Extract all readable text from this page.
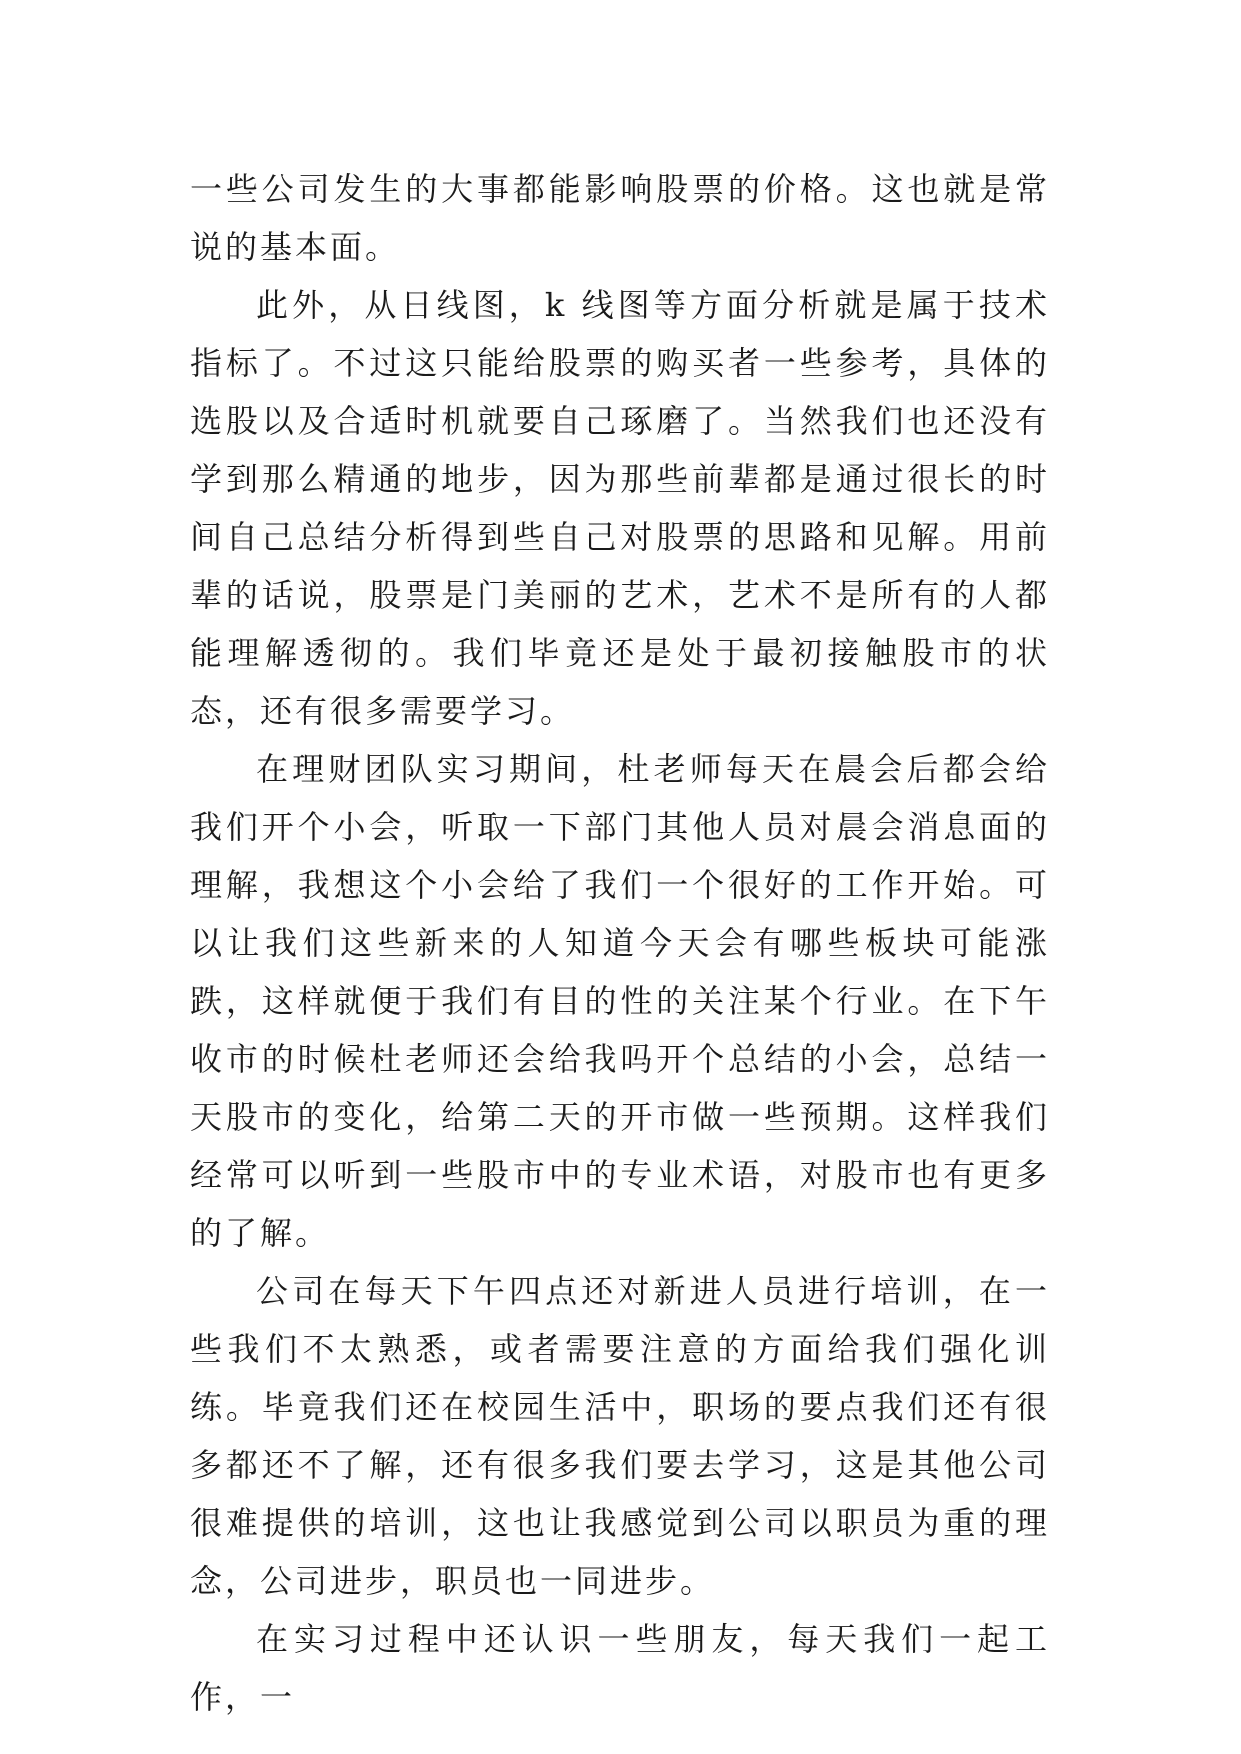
一些公司发生的大事都能影响股票的价格。这也就是常说的基本面。

此外，从日线图，k 线图等方面分析就是属于技术指标了。不过这只能给股票的购买者一些参考，具体的选股以及合适时机就要自己琢磨了。当然我们也还没有学到那么精通的地步，因为那些前辈都是通过很长的时间自己总结分析得到些自己对股票的思路和见解。用前辈的话说，股票是门美丽的艺术，艺术不是所有的人都能理解透彻的。我们毕竟还是处于最初接触股市的状态，还有很多需要学习。

在理财团队实习期间，杜老师每天在晨会后都会给我们开个小会，听取一下部门其他人员对晨会消息面的理解，我想这个小会给了我们一个很好的工作开始。可以让我们这些新来的人知道今天会有哪些板块可能涨跌，这样就便于我们有目的性的关注某个行业。在下午收市的时候杜老师还会给我吗开个总结的小会，总结一天股市的变化，给第二天的开市做一些预期。这样我们经常可以听到一些股市中的专业术语，对股市也有更多的了解。

公司在每天下午四点还对新进人员进行培训，在一些我们不太熟悉，或者需要注意的方面给我们强化训练。毕竟我们还在校园生活中，职场的要点我们还有很多都还不了解，还有很多我们要去学习，这是其他公司很难提供的培训，这也让我感觉到公司以职员为重的理念，公司进步，职员也一同进步。

在实习过程中还认识一些朋友，每天我们一起工作，一
